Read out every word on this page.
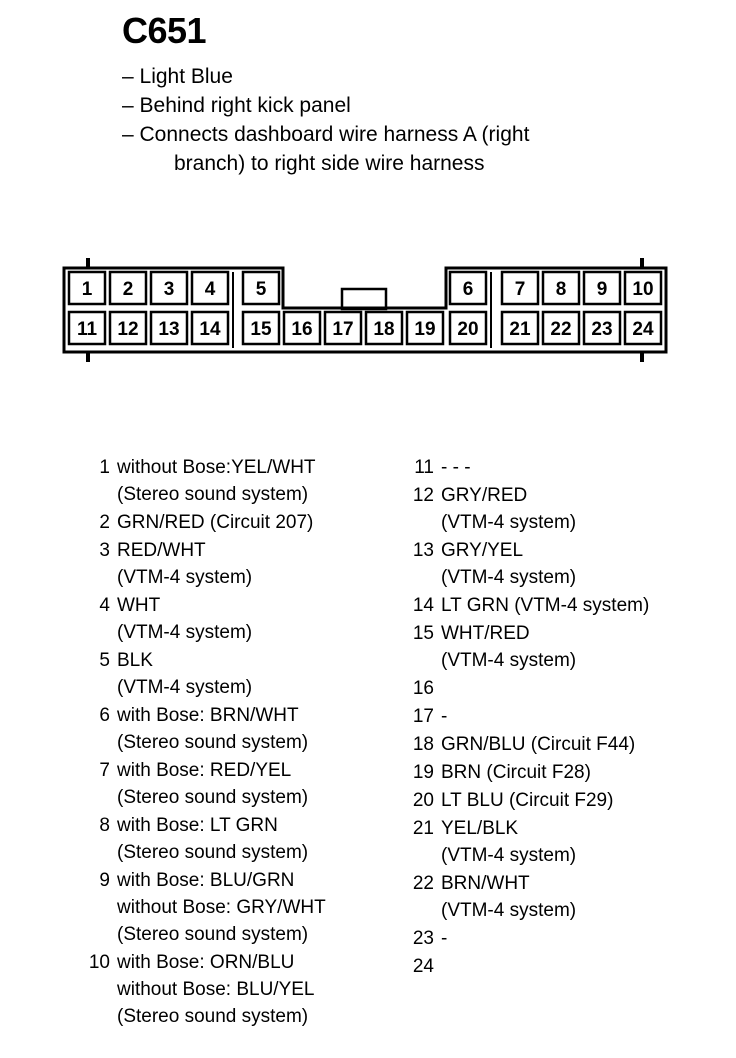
C651
– Light Blue
– Behind right kick panel
– Connects dashboard wire harness A (right
branch) to right side wire harness
1 2 3 4 5	6 7 8 9 10
11 12 13 14 15 16 17 18 19 20 21 22 23 24
1 without Bose:YEL/WHT
(Stereo sound system)
2 GRN/RED (Circuit 207)
3 RED/WHT
(VTM-4 system)
4 WHT
(VTM-4 system)
5 BLK
(VTM-4 system)
6 with Bose: BRN/WHT
(Stereo sound system)
7 with Bose: RED/YEL
(Stereo sound system)
8 with Bose: LT GRN
(Stereo sound system)
9 with Bose: BLU/GRN
without Bose: GRY/WHT
(Stereo sound system)
10 with Bose: ORN/BLU
without Bose: BLU/YEL
(Stereo sound system)
11 - - -
12 GRY/RED
(VTM-4 system)
13 GRY/YEL
(VTM-4 system)
14 LT GRN (VTM-4 system)
15 WHT/RED
(VTM-4 system)
16

17 -
18 GRN/BLU (Circuit F44)
19 BRN (Circuit F28)
20 LT BLU (Circuit F29)
21 YEL/BLK
(VTM-4 system)
22 BRN/WHT
(VTM-4 system)
23 -
24
